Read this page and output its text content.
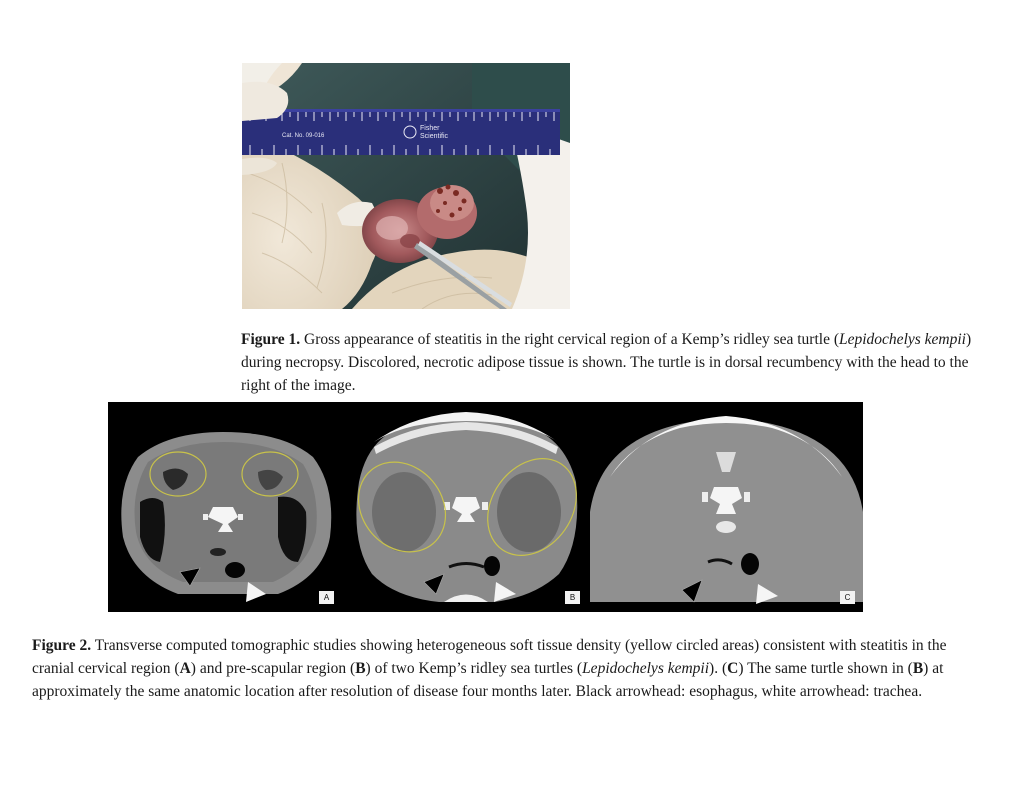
Cat. No. 09-016
Fisher
Scientific

Figure 1. Gross appearance of steatitis in the right cervical region of a Kemp’s ridley sea turtle (Lepidochelys kempii) during necropsy. Discolored, necrotic adipose tissue is shown. The turtle is in dorsal recumbency with the head to the right of the image.

A	B	C

Figure 2. Transverse computed tomographic studies showing heterogeneous soft tissue density (yellow circled areas) consistent with steatitis in the cranial cervical region (A) and pre-scapular region (B) of two Kemp’s ridley sea turtles (Lepidochelys kempii). (C) The same turtle shown in (B) at approximately the same anatomic location after resolution of disease four months later. Black arrowhead: esophagus, white arrowhead: trachea.
